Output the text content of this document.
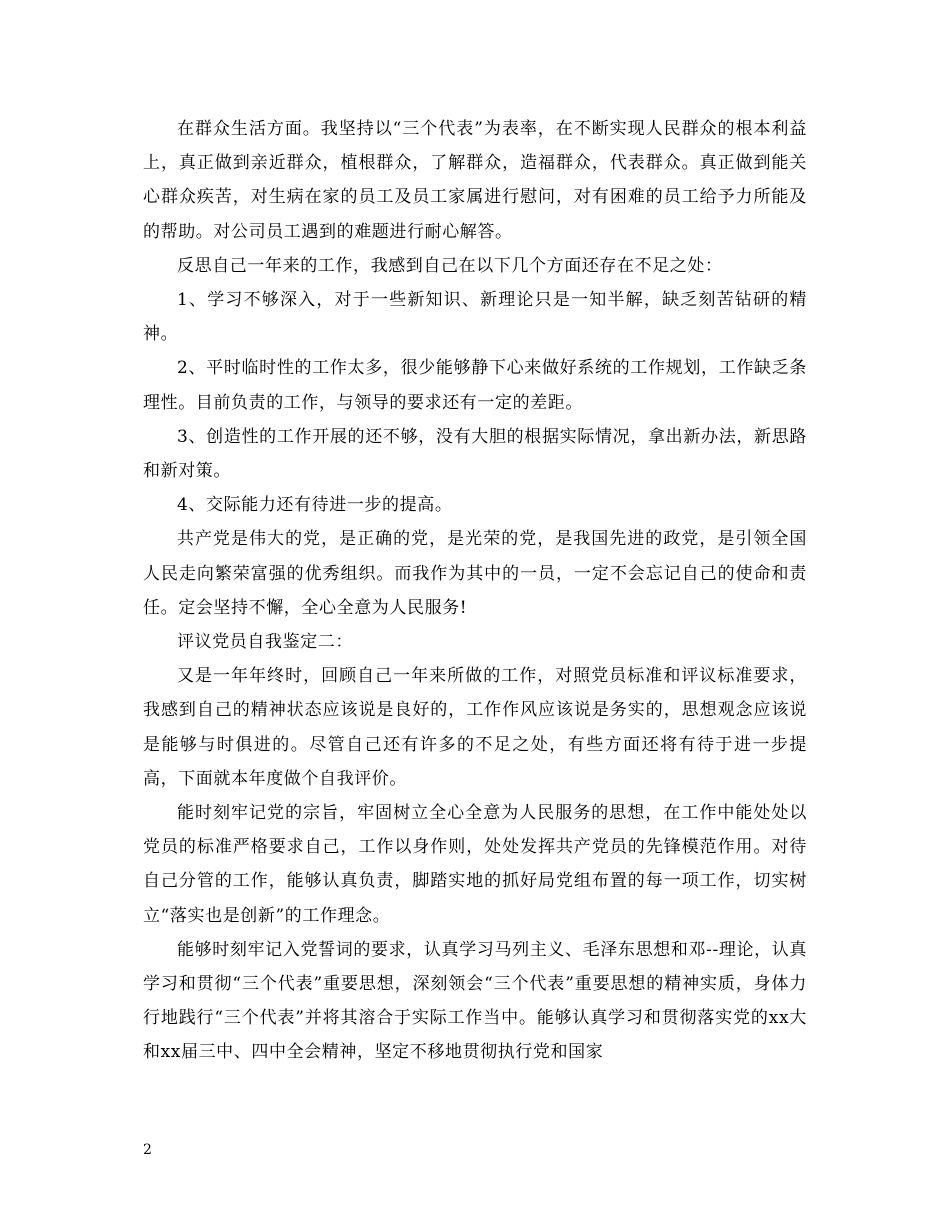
在群众生活方面。我坚持以“三个代表”为表率，在不断实现人民群众的根本利益上，真正做到亲近群众，植根群众，了解群众，造福群众，代表群众。真正做到能关心群众疾苦，对生病在家的员工及员工家属进行慰问，对有困难的员工给予力所能及的帮助。对公司员工遇到的难题进行耐心解答。

反思自己一年来的工作，我感到自己在以下几个方面还存在不足之处：

1、学习不够深入，对于一些新知识、新理论只是一知半解，缺乏刻苦钻研的精神。

2、平时临时性的工作太多，很少能够静下心来做好系统的工作规划，工作缺乏条理性。目前负责的工作，与领导的要求还有一定的差距。

3、创造性的工作开展的还不够，没有大胆的根据实际情况，拿出新办法，新思路和新对策。

4、交际能力还有待进一步的提高。

共产党是伟大的党，是正确的党，是光荣的党，是我国先进的政党，是引领全国人民走向繁荣富强的优秀组织。而我作为其中的一员，一定不会忘记自己的使命和责任。定会坚持不懈，全心全意为人民服务!

评议党员自我鉴定二：

又是一年年终时，回顾自己一年来所做的工作，对照党员标准和评议标准要求，我感到自己的精神状态应该说是良好的，工作作风应该说是务实的，思想观念应该说是能够与时俱进的。尽管自己还有许多的不足之处，有些方面还将有待于进一步提高，下面就本年度做个自我评价。

能时刻牢记党的宗旨，牢固树立全心全意为人民服务的思想，在工作中能处处以党员的标准严格要求自己，工作以身作则，处处发挥共产党员的先锋模范作用。对待自己分管的工作，能够认真负责，脚踏实地的抓好局党组布置的每一项工作，切实树立“落实也是创新”的工作理念。

能够时刻牢记入党誓词的要求，认真学习马列主义、毛泽东思想和邓--理论，认真学习和贯彻“三个代表”重要思想，深刻领会“三个代表”重要思想的精神实质，身体力行地践行“三个代表”并将其溶合于实际工作当中。能够认真学习和贯彻落实党的xx大和xx届三中、四中全会精神，坚定不移地贯彻执行党和国家

2
